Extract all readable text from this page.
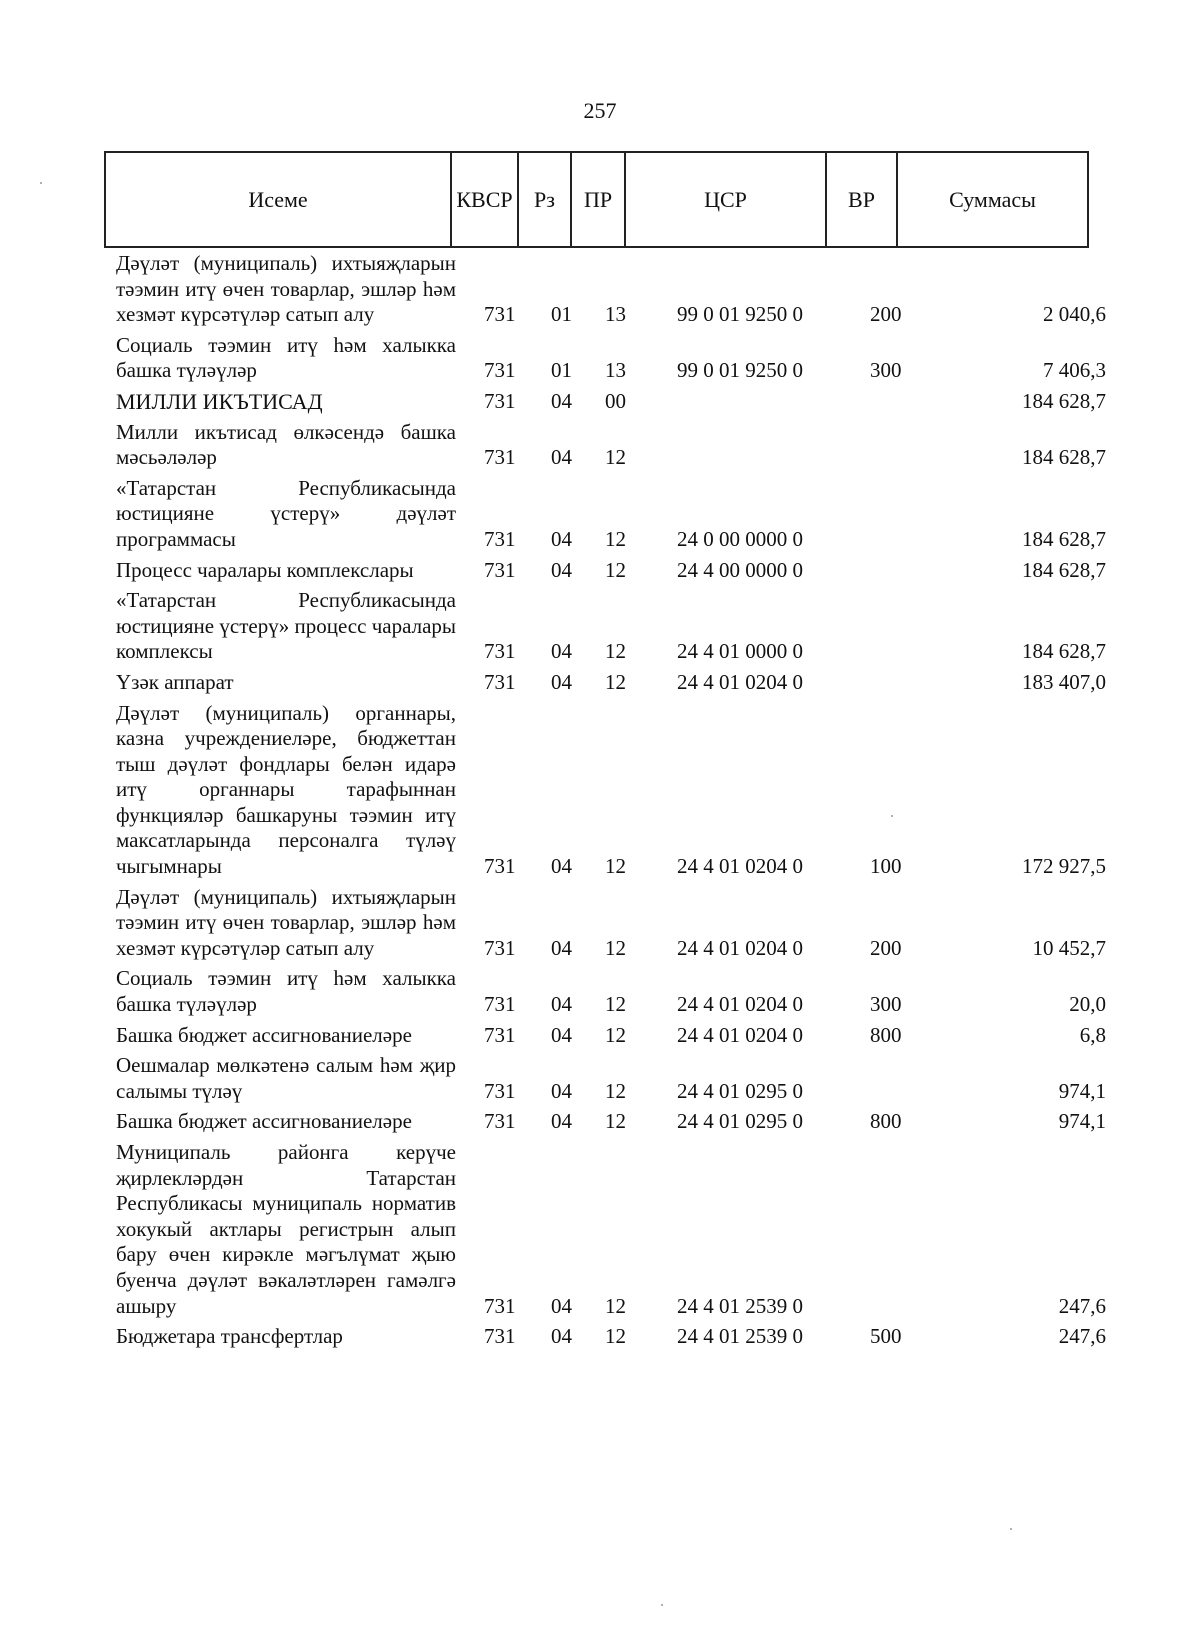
257
Исеме	КВСР	Рз	ПР	ЦСР	ВР	Суммасы
Дәүләт (муниципаль) ихтыяҗларын тәэмин итү өчен товарлар, эшләр һәм хезмәт күрсәтүләр сатып алу	731 01 13 99 0 01 9250 0	200	2 040,6
Социаль тәэмин итү һәм халыкка башка түләүләр	731 01 13 99 0 01 9250 0	300	7 406,3
МИЛЛИ ИКЪТИСАД	731 04 00	184 628,7
Милли икътисад өлкәсендә башка мәсьәләләр	731 04 12	184 628,7
«Татарстан Республикасында юстицияне үстерү» дәүләт программасы	731 04 12 24 0 00 0000 0	184 628,7
Процесс чаралары комплекслары	731 04 12 24 4 00 0000 0	184 628,7
«Татарстан Республикасында юстицияне үстерү» процесс чаралары комплексы	731 04 12 24 4 01 0000 0	184 628,7
Үзәк аппарат	731 04 12 24 4 01 0204 0	183 407,0
Дәүләт (муниципаль) органнары, казна учреждениеләре, бюджеттан тыш дәүләт фондлары белән идарә итү органнары тарафыннан функцияләр башкаруны тәэмин итү максатларында персоналга түләү чыгымнары	731 04 12 24 4 01 0204 0	100	172 927,5
Дәүләт (муниципаль) ихтыяҗларын тәэмин итү өчен товарлар, эшләр һәм хезмәт күрсәтүләр сатып алу	731 04 12 24 4 01 0204 0	200	10 452,7
Социаль тәэмин итү һәм халыкка башка түләүләр	731 04 12 24 4 01 0204 0	300	20,0
Башка бюджет ассигнованиеләре	731 04 12 24 4 01 0204 0	800	6,8
Оешмалар мөлкәтенә салым һәм җир салымы түләү	731 04 12 24 4 01 0295 0	974,1
Башка бюджет ассигнованиеләре	731 04 12 24 4 01 0295 0	800	974,1
Муниципаль районга керүче җирлекләрдән Татарстан Республикасы муниципаль норматив хокукый актлары регистрын алып бару өчен кирәкле мәгълүмат җыю буенча дәүләт вәкаләтләрен гамәлгә ашыру	731 04 12 24 4 01 2539 0	247,6
Бюджетара трансфертлар	731 04 12 24 4 01 2539 0	500	247,6
